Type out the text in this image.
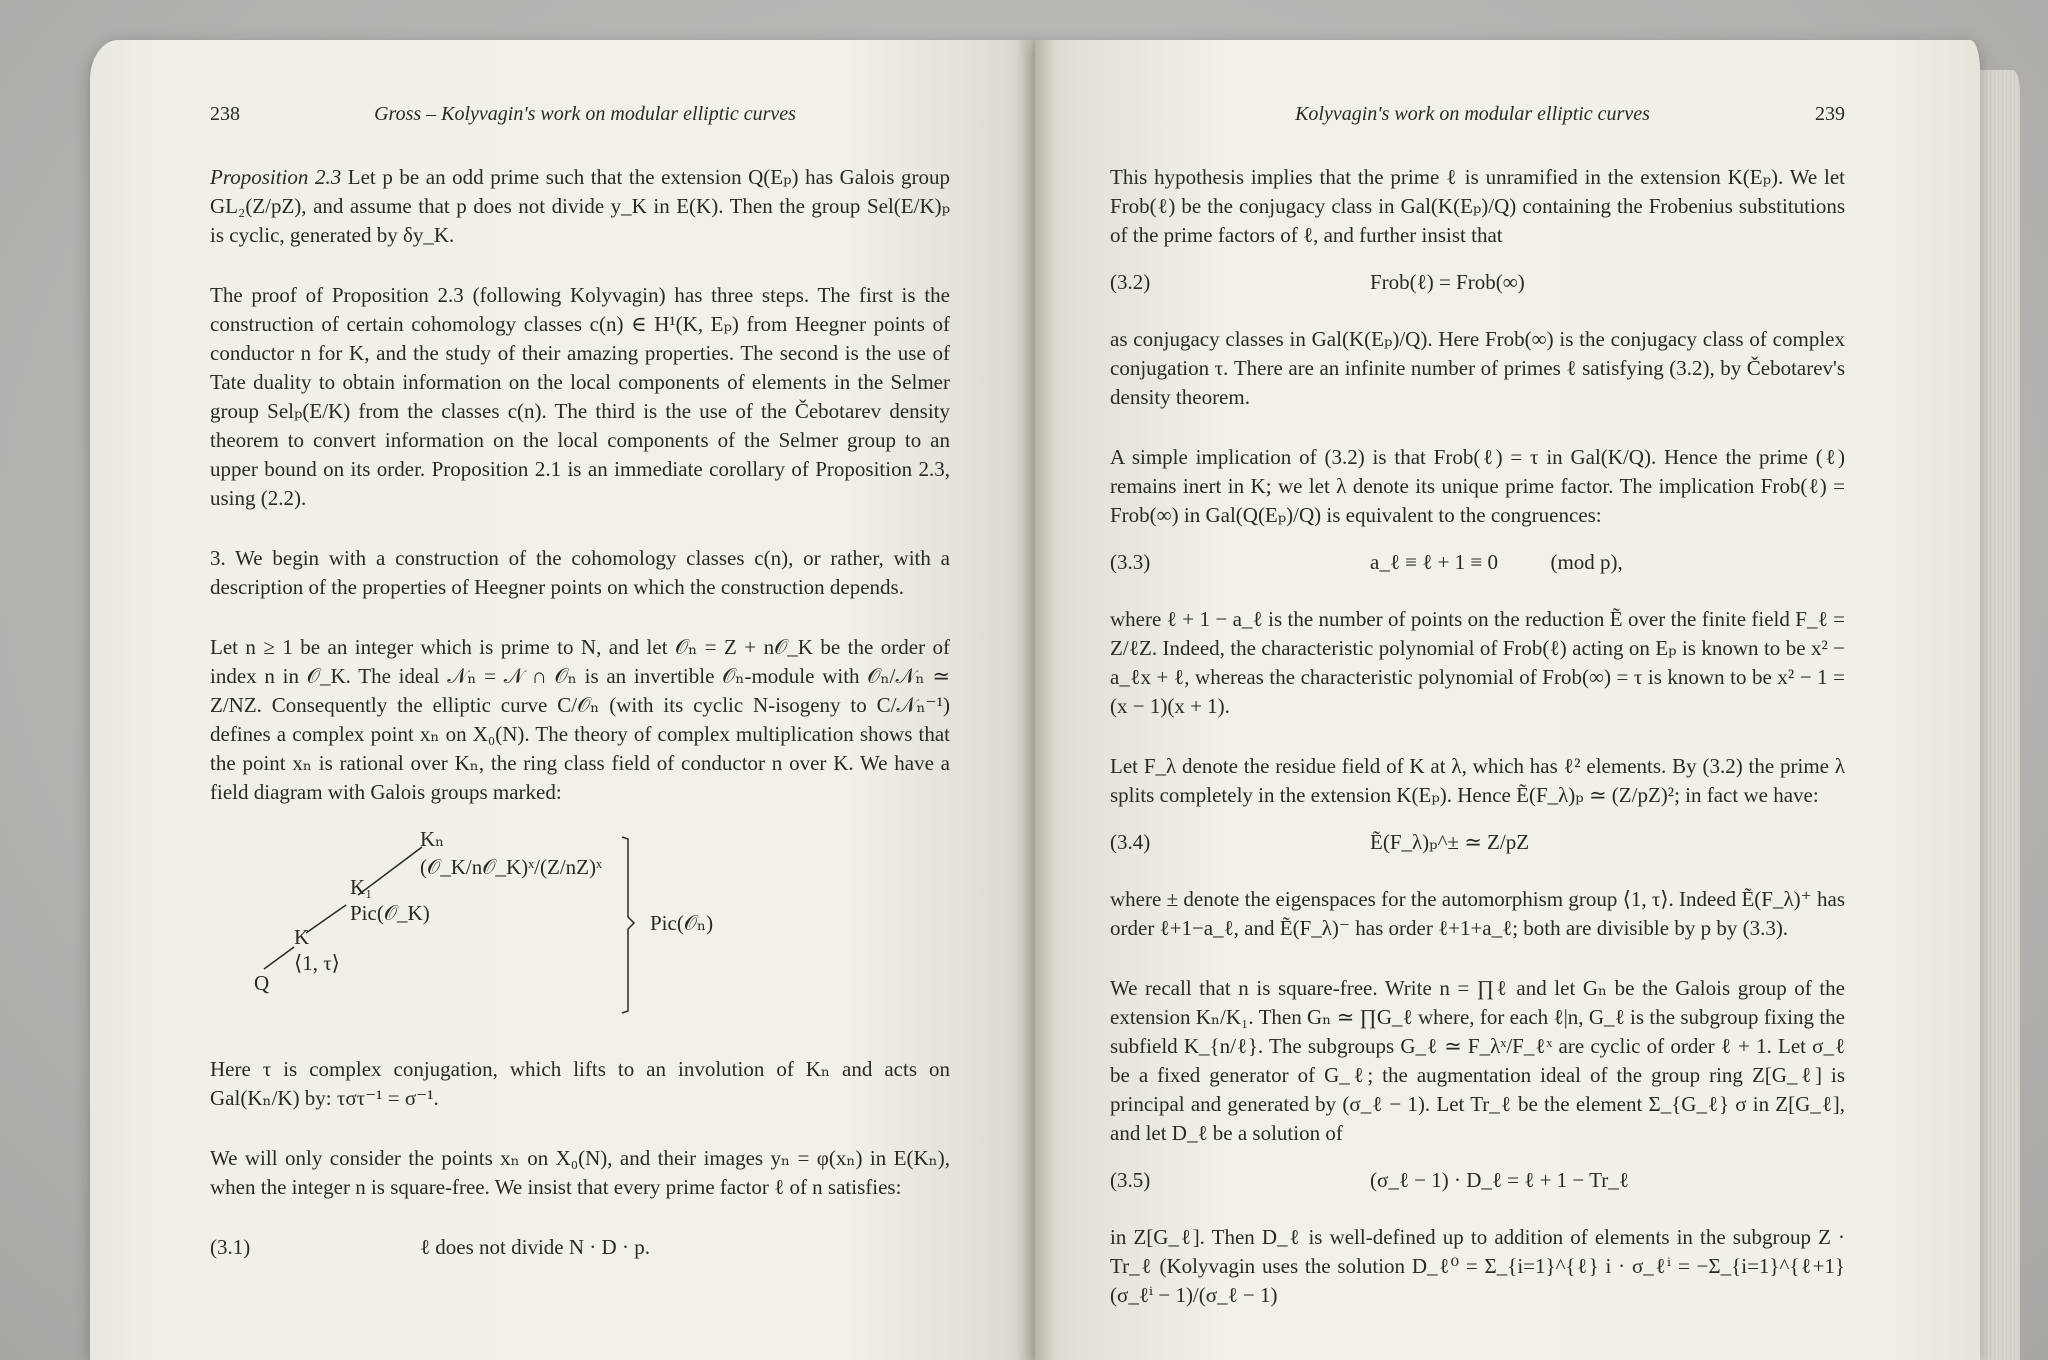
238	Gross – Kolyvagin's work on modular elliptic curves

Proposition 2.3 Let p be an odd prime such that the extension Q(Eₚ) has Galois group GL₂(Z/pZ), and assume that p does not divide y_K in E(K). Then the group Sel(E/K)ₚ is cyclic, generated by δy_K.

The proof of Proposition 2.3 (following Kolyvagin) has three steps. The first is the construction of certain cohomology classes c(n) ∈ H¹(K, Eₚ) from Heegner points of conductor n for K, and the study of their amazing properties. The second is the use of Tate duality to obtain information on the local components of elements in the Selmer group Selₚ(E/K) from the classes c(n). The third is the use of the Čebotarev density theorem to convert information on the local components of the Selmer group to an upper bound on its order. Proposition 2.1 is an immediate corollary of Proposition 2.3, using (2.2).

3. We begin with a construction of the cohomology classes c(n), or rather, with a description of the properties of Heegner points on which the construction depends.

Let n ≥ 1 be an integer which is prime to N, and let 𝒪ₙ = Z + n𝒪_K be the order of index n in 𝒪_K. The ideal 𝒩ₙ = 𝒩 ∩ 𝒪ₙ is an invertible 𝒪ₙ-module with 𝒪ₙ/𝒩ₙ ≃ Z/NZ. Consequently the elliptic curve C/𝒪ₙ (with its cyclic N-isogeny to C/𝒩ₙ⁻¹) defines a complex point xₙ on X₀(N). The theory of complex multiplication shows that the point xₙ is rational over Kₙ, the ring class field of conductor n over K. We have a field diagram with Galois groups marked:

Kₙ
(𝒪_K/n𝒪_K)ˣ/(Z/nZ)ˣ
K₁
Pic(𝒪_K)
K
⟨1, τ⟩
Q
Pic(𝒪ₙ)

Here τ is complex conjugation, which lifts to an involution of Kₙ and acts on Gal(Kₙ/K) by: τστ⁻¹ = σ⁻¹.

We will only consider the points xₙ on X₀(N), and their images yₙ = φ(xₙ) in E(Kₙ), when the integer n is square-free. We insist that every prime factor ℓ of n satisfies:

(3.1)	ℓ does not divide N · D · p.
Kolyvagin's work on modular elliptic curves	239

This hypothesis implies that the prime ℓ is unramified in the extension K(Eₚ). We let Frob(ℓ) be the conjugacy class in Gal(K(Eₚ)/Q) containing the Frobenius substitutions of the prime factors of ℓ, and further insist that

(3.2)	Frob(ℓ) = Frob(∞)

as conjugacy classes in Gal(K(Eₚ)/Q). Here Frob(∞) is the conjugacy class of complex conjugation τ. There are an infinite number of primes ℓ satisfying (3.2), by Čebotarev's density theorem.

A simple implication of (3.2) is that Frob(ℓ) = τ in Gal(K/Q). Hence the prime (ℓ) remains inert in K; we let λ denote its unique prime factor. The implication Frob(ℓ) = Frob(∞) in Gal(Q(Eₚ)/Q) is equivalent to the congruences:

(3.3)	a_ℓ ≡ ℓ + 1 ≡ 0          (mod p),

where ℓ + 1 − a_ℓ is the number of points on the reduction Ẽ over the finite field F_ℓ = Z/ℓZ. Indeed, the characteristic polynomial of Frob(ℓ) acting on Eₚ is known to be x² − a_ℓx + ℓ, whereas the characteristic polynomial of Frob(∞) = τ is known to be x² − 1 = (x − 1)(x + 1).

Let F_λ denote the residue field of K at λ, which has ℓ² elements. By (3.2) the prime λ splits completely in the extension K(Eₚ). Hence Ẽ(F_λ)ₚ ≃ (Z/pZ)²; in fact we have:

(3.4)	Ẽ(F_λ)ₚ^± ≃ Z/pZ

where ± denote the eigenspaces for the automorphism group ⟨1, τ⟩. Indeed Ẽ(F_λ)⁺ has order ℓ+1−a_ℓ, and Ẽ(F_λ)⁻ has order ℓ+1+a_ℓ; both are divisible by p by (3.3).

We recall that n is square-free. Write n = ∏ℓ and let Gₙ be the Galois group of the extension Kₙ/K₁. Then Gₙ ≃ ∏G_ℓ where, for each ℓ|n, G_ℓ is the subgroup fixing the subfield K_{n/ℓ}. The subgroups G_ℓ ≃ F_λˣ/F_ℓˣ are cyclic of order ℓ + 1. Let σ_ℓ be a fixed generator of G_ℓ; the augmentation ideal of the group ring Z[G_ℓ] is principal and generated by (σ_ℓ − 1). Let Tr_ℓ be the element Σ_{G_ℓ} σ in Z[G_ℓ], and let D_ℓ be a solution of

(3.5)	(σ_ℓ − 1) · D_ℓ = ℓ + 1 − Tr_ℓ

in Z[G_ℓ]. Then D_ℓ is well-defined up to addition of elements in the subgroup Z · Tr_ℓ (Kolyvagin uses the solution D_ℓ⁰ = Σ_{i=1}^{ℓ} i · σ_ℓⁱ = −Σ_{i=1}^{ℓ+1} (σ_ℓⁱ − 1)/(σ_ℓ − 1)
